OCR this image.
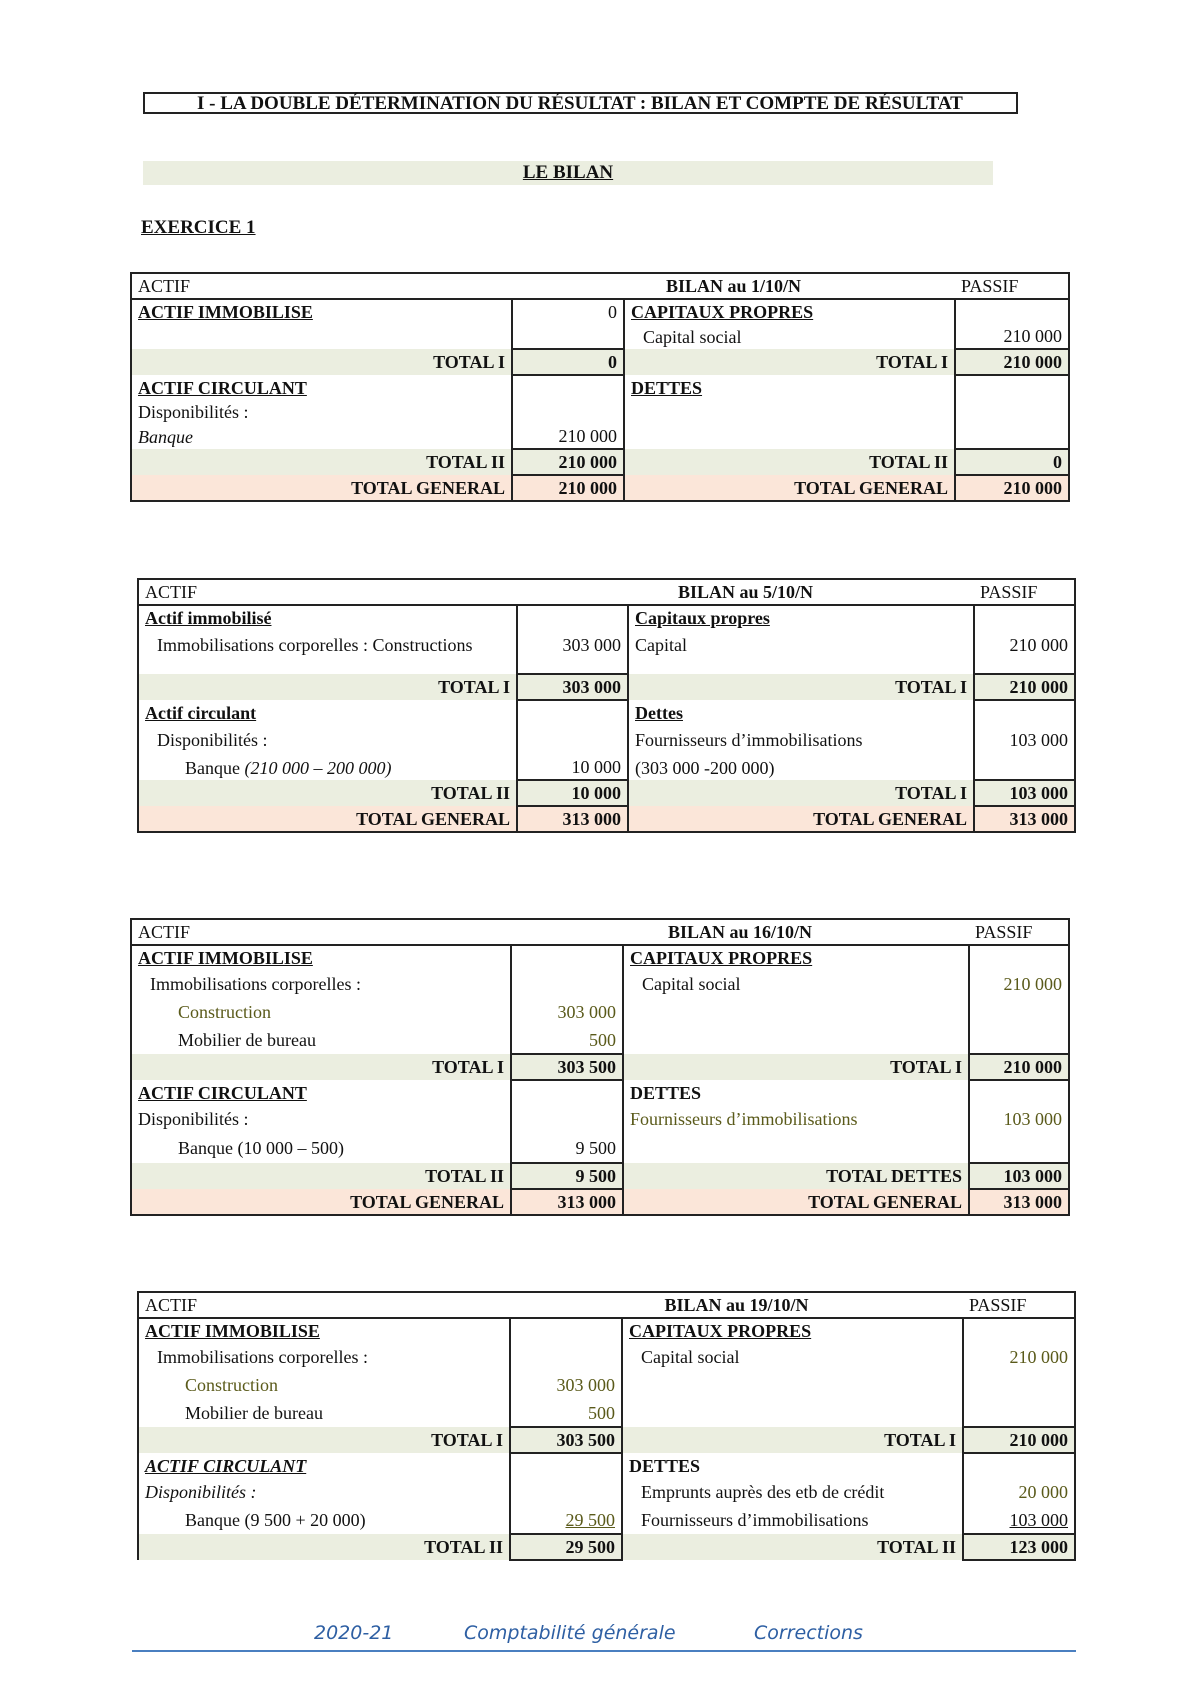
I - LA DOUBLE DÉTERMINATION DU RÉSULTAT : BILAN ET COMPTE DE RÉSULTAT
LE BILAN
EXERCICE 1
ACTIF	BILAN au 1/10/N		PASSIF
ACTIF IMMOBILISE	0	CAPITAUX PROPRES	
		Capital social	210 000
TOTAL I	0	TOTAL I	210 000
ACTIF CIRCULANT		DETTES	
Disponibilités :			
Banque	210 000		
TOTAL II	210 000	TOTAL II	0
TOTAL GENERAL	210 000	TOTAL GENERAL	210 000
ACTIF	BILAN au 5/10/N		PASSIF
Actif immobilisé		Capitaux propres	
Immobilisations corporelles : Constructions	303 000	Capital	210 000

TOTAL I	303 000	TOTAL I	210 000
Actif circulant		Dettes	
Disponibilités :		Fournisseurs d’immobilisations	103 000
Banque (210 000 – 200 000)	10 000	(303 000 -200 000)	
TOTAL II	10 000	TOTAL I	103 000
TOTAL GENERAL	313 000	TOTAL GENERAL	313 000
ACTIF	BILAN au 16/10/N		PASSIF
ACTIF IMMOBILISE		CAPITAUX PROPRES	
Immobilisations corporelles :		Capital social	210 000
Construction	303 000		
Mobilier de bureau	500		
TOTAL I	303 500	TOTAL I	210 000
ACTIF CIRCULANT		DETTES	
Disponibilités :		Fournisseurs d’immobilisations	103 000
Banque (10 000 – 500)	9 500		
TOTAL II	9 500	TOTAL DETTES	103 000
TOTAL GENERAL	313 000	TOTAL GENERAL	313 000
ACTIF	BILAN au 19/10/N		PASSIF
ACTIF IMMOBILISE		CAPITAUX PROPRES	
Immobilisations corporelles :		Capital social	210 000
Construction	303 000		
Mobilier de bureau	500		
TOTAL I	303 500	TOTAL I	210 000
ACTIF CIRCULANT		DETTES	
Disponibilités :		Emprunts auprès des etb de crédit	20 000
Banque (9 500 + 20 000)	29 500	Fournisseurs d’immobilisations	103 000
TOTAL II	29 500	TOTAL II	123 000
2020-21	Comptabilité générale	Corrections
